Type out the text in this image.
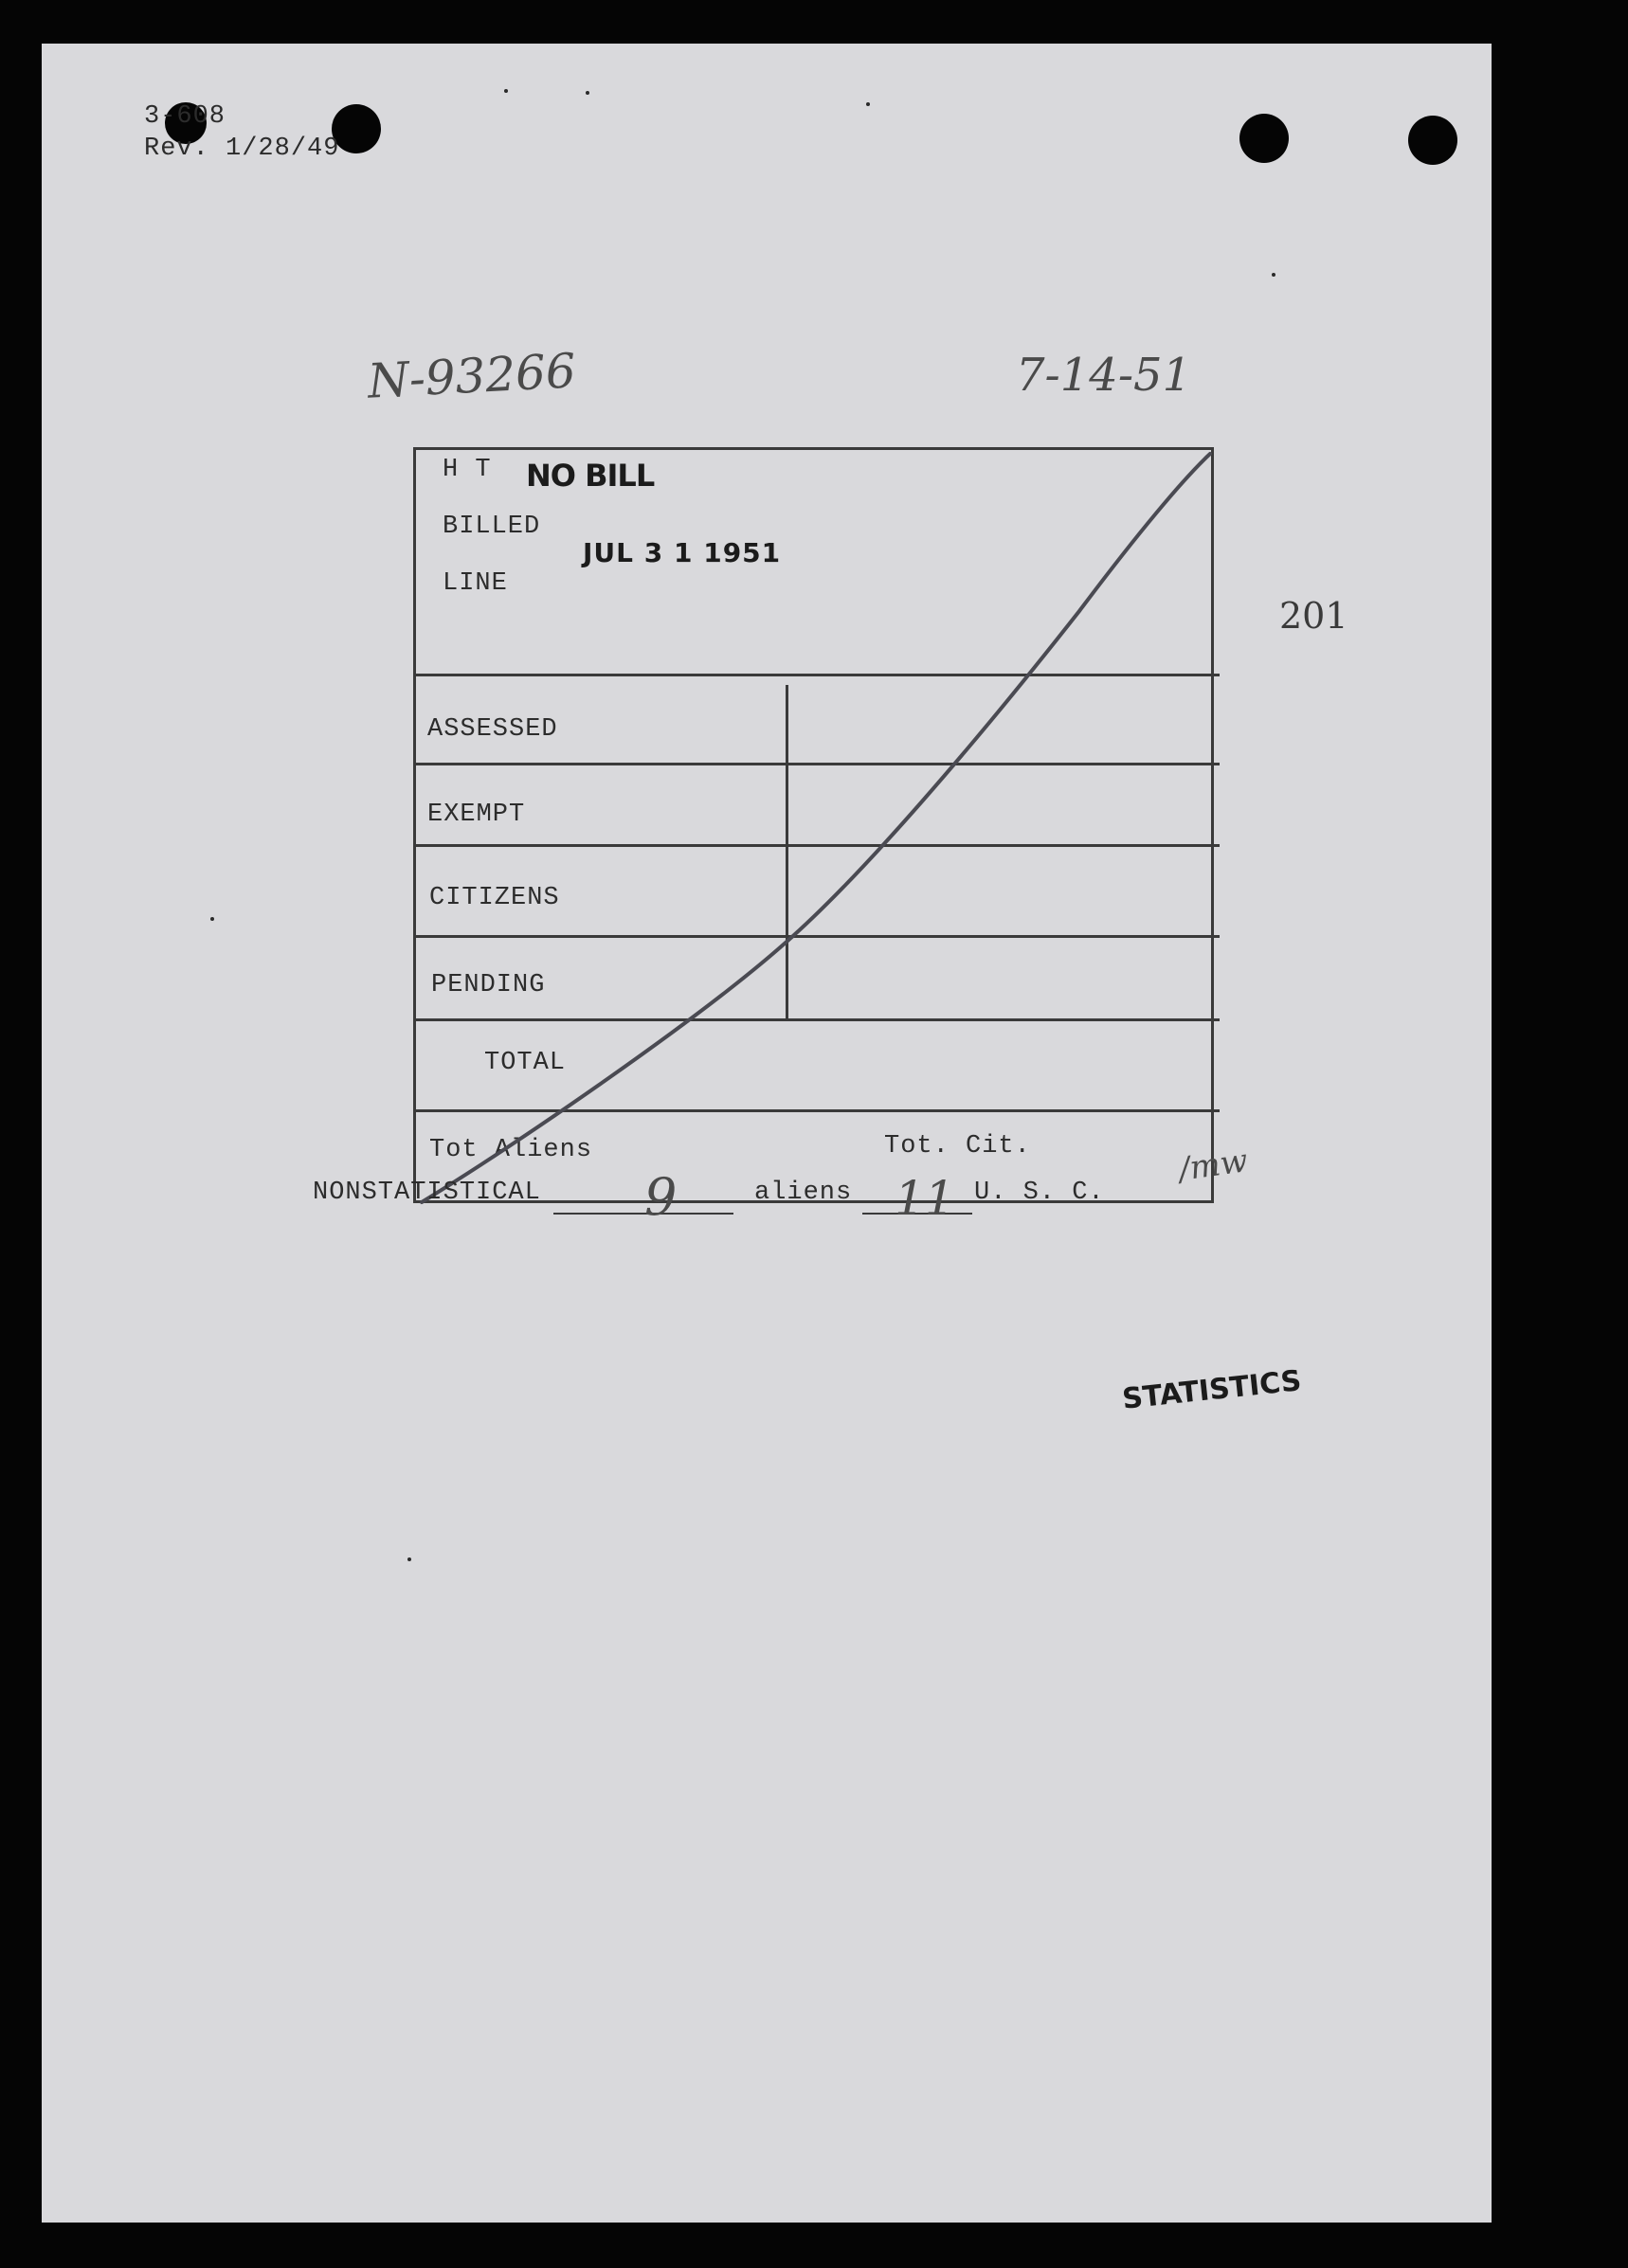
3-608
Rev. 1/28/49
N-93266	7-14-51
201
H T NO BILL
BILLED
JUL 3 1 1951
LINE
ASSESSED
EXEMPT
CITIZENS
PENDING
TOTAL
Tot Aliens	Tot. Cit.	/mw
NONSTATISTICAL 9	aliens 11 U. S. C.
STATISTICS
